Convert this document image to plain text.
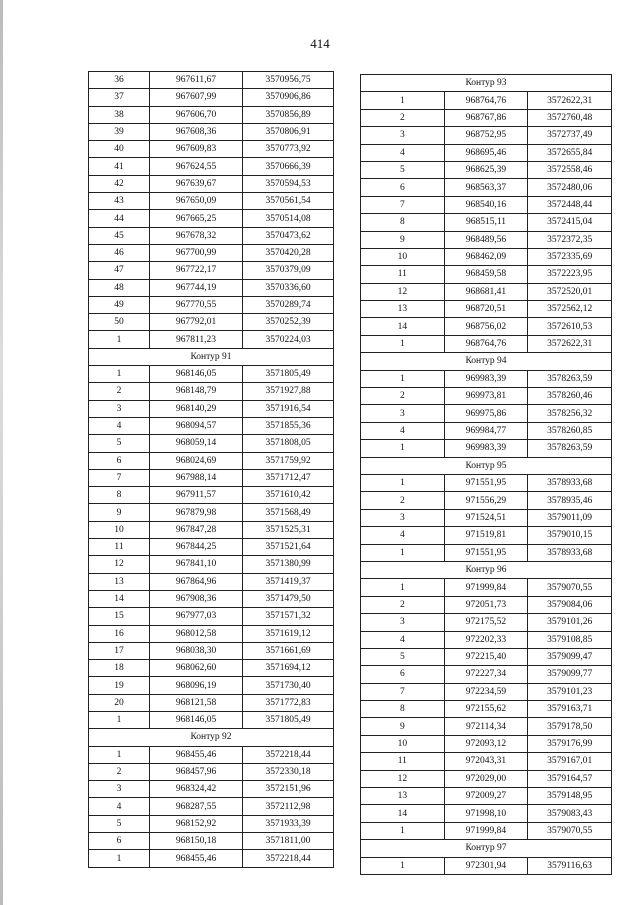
414
36	967611,67	3570956,75
37	967607,99	3570906,86
38	967606,70	3570856,89
39	967608,36	3570806,91
40	967609,83	3570773,92
41	967624,55	3570666,39
42	967639,67	3570594,53
43	967650,09	3570561,54
44	967665,25	3570514,08
45	967678,32	3570473,62
46	967700,99	3570420,28
47	967722,17	3570379,09
48	967744,19	3570336,60
49	967770,55	3570289,74
50	967792,01	3570252,39
1	967811,23	3570224,03
Контур 91		
1	968146,05	3571805,49
2	968148,79	3571927,88
3	968140,29	3571916,54
4	968094,57	3571855,36
5	968059,14	3571808,05
6	968024,69	3571759,92
7	967988,14	3571712,47
8	967911,57	3571610,42
9	967879,98	3571568,49
10	967847,28	3571525,31
11	967844,25	3571521,64
12	967841,10	3571380,99
13	967864,96	3571419,37
14	967908,36	3571479,50
15	967977,03	3571571,32
16	968012,58	3571619,12
17	968038,30	3571661,69
18	968062,60	3571694,12
19	968096,19	3571730,40
20	968121,58	3571772,83
1	968146,05	3571805,49
Контур 92		
1	968455,46	3572218,44
2	968457,96	3572330,18
3	968324,42	3572151,96
4	968287,55	3572112,98
5	968152,92	3571933,39
6	968150,18	3571811,00
1	968455,46	3572218,44
Контур 93		
1	968764,76	3572622,31
2	968767,86	3572760,48
3	968752,95	3572737,49
4	968695,46	3572655,84
5	968625,39	3572558,46
6	968563,37	3572480,06
7	968540,16	3572448,44
8	968515,11	3572415,04
9	968489,56	3572372,35
10	968462,09	3572335,69
11	968459,58	3572223,95
12	968681,41	3572520,01
13	968720,51	3572562,12
14	968756,02	3572610,53
1	968764,76	3572622,31
Контур 94		
1	969983,39	3578263,59
2	969973,81	3578260,46
3	969975,86	3578256,32
4	969984,77	3578260,85
1	969983,39	3578263,59
Контур 95		
1	971551,95	3578933,68
2	971556,29	3578935,46
3	971524,51	3579011,09
4	971519,81	3579010,15
1	971551,95	3578933,68
Контур 96		
1	971999,84	3579070,55
2	972051,73	3579084,06
3	972175,52	3579101,26
4	972202,33	3579108,85
5	972215,40	3579099,47
6	972227,34	3579099,77
7	972234,59	3579101,23
8	972155,62	3579163,71
9	972114,34	3579178,50
10	972093,12	3579176,99
11	972043,31	3579167,01
12	972029,00	3579164,57
13	972009,27	3579148,95
14	971998,10	3579083,43
1	971999,84	3579070,55
Контур 97		
1	972301,94	3579116,63
